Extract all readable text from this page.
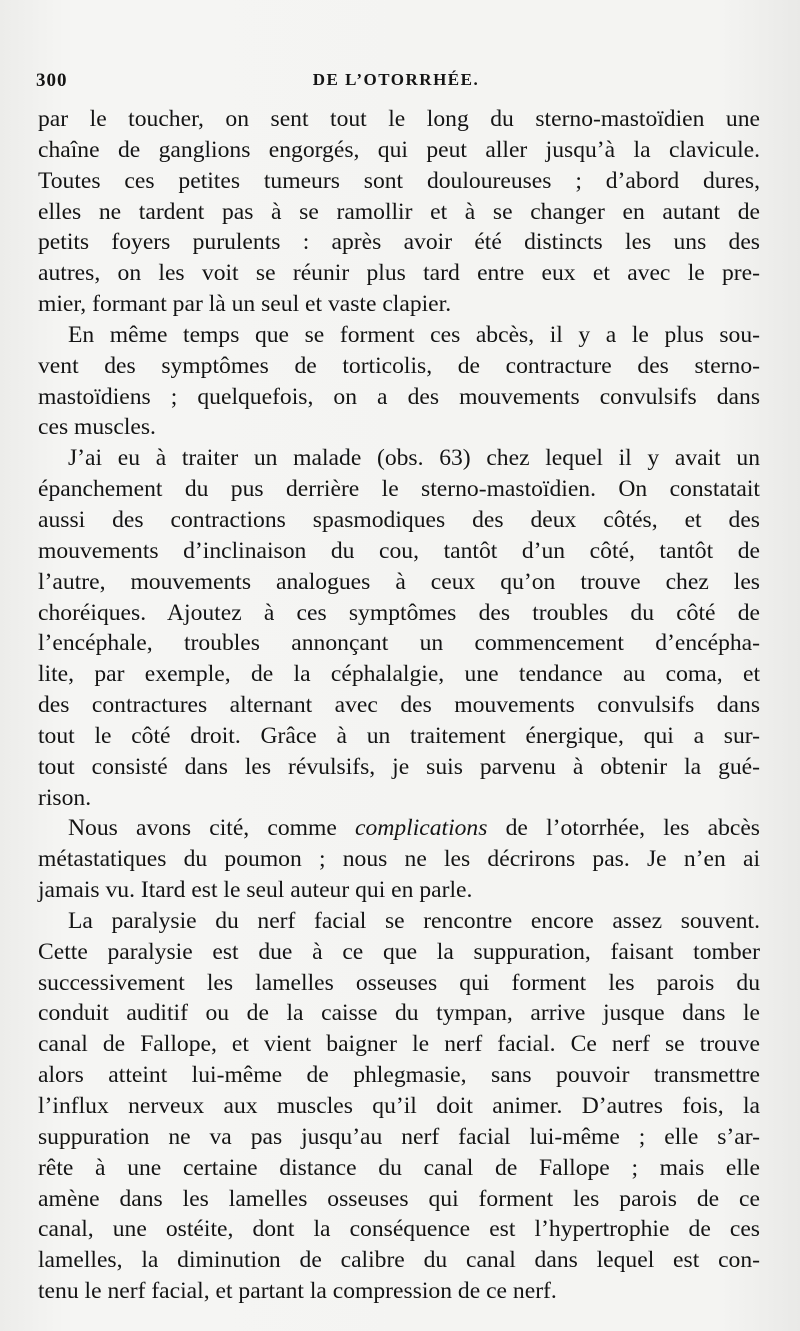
300	DE L’OTORRHÉE.
par le toucher, on sent tout le long du sterno-mastoïdien une
chaîne de ganglions engorgés, qui peut aller jusqu’à la clavicule.
Toutes ces petites tumeurs sont douloureuses ; d’abord dures,
elles ne tardent pas à se ramollir et à se changer en autant de
petits foyers purulents : après avoir été distincts les uns des
autres, on les voit se réunir plus tard entre eux et avec le pre-
mier, formant par là un seul et vaste clapier.
En même temps que se forment ces abcès, il y a le plus sou-
vent des symptômes de torticolis, de contracture des sterno-
mastoïdiens ; quelquefois, on a des mouvements convulsifs dans
ces muscles.
J’ai eu à traiter un malade (obs. 63) chez lequel il y avait un
épanchement du pus derrière le sterno-mastoïdien. On constatait
aussi des contractions spasmodiques des deux côtés, et des
mouvements d’inclinaison du cou, tantôt d’un côté, tantôt de
l’autre, mouvements analogues à ceux qu’on trouve chez les
choréiques. Ajoutez à ces symptômes des troubles du côté de
l’encéphale, troubles annonçant un commencement d’encépha-
lite, par exemple, de la céphalalgie, une tendance au coma, et
des contractures alternant avec des mouvements convulsifs dans
tout le côté droit. Grâce à un traitement énergique, qui a sur-
tout consisté dans les révulsifs, je suis parvenu à obtenir la gué-
rison.
Nous avons cité, comme complications de l’otorrhée, les abcès
métastatiques du poumon ; nous ne les décrirons pas. Je n’en ai
jamais vu. Itard est le seul auteur qui en parle.
La paralysie du nerf facial se rencontre encore assez souvent.
Cette paralysie est due à ce que la suppuration, faisant tomber
successivement les lamelles osseuses qui forment les parois du
conduit auditif ou de la caisse du tympan, arrive jusque dans le
canal de Fallope, et vient baigner le nerf facial. Ce nerf se trouve
alors atteint lui-même de phlegmasie, sans pouvoir transmettre
l’influx nerveux aux muscles qu’il doit animer. D’autres fois, la
suppuration ne va pas jusqu’au nerf facial lui-même ; elle s’ar-
rête à une certaine distance du canal de Fallope ; mais elle
amène dans les lamelles osseuses qui forment les parois de ce
canal, une ostéite, dont la conséquence est l’hypertrophie de ces
lamelles, la diminution de calibre du canal dans lequel est con-
tenu le nerf facial, et partant la compression de ce nerf.
